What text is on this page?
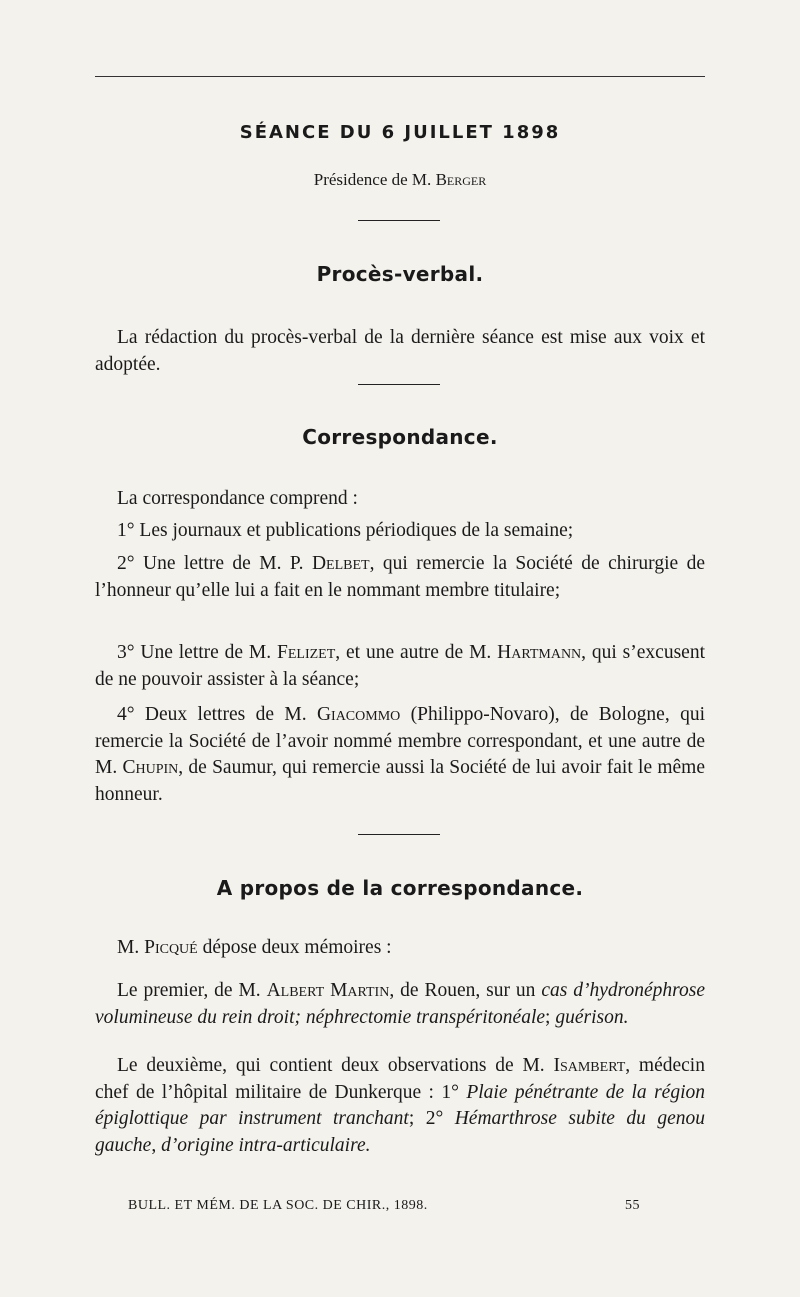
SÉANCE DU 6 JUILLET 1898
Présidence de M. Berger
Procès-verbal.
La rédaction du procès-verbal de la dernière séance est mise aux voix et adoptée.
Correspondance.
La correspondance comprend :
1° Les journaux et publications périodiques de la semaine;
2° Une lettre de M. P. Delbet, qui remercie la Société de chirurgie de l’honneur qu’elle lui a fait en le nommant membre titulaire;
3° Une lettre de M. Felizet, et une autre de M. Hartmann, qui s’excusent de ne pouvoir assister à la séance;
4° Deux lettres de M. Giacommo (Philippo-Novaro), de Bologne, qui remercie la Société de l’avoir nommé membre correspondant, et une autre de M. Chupin, de Saumur, qui remercie aussi la Société de lui avoir fait le même honneur.
A propos de la correspondance.
M. Picqué dépose deux mémoires :
Le premier, de M. Albert Martin, de Rouen, sur un cas d’hydronéphrose volumineuse du rein droit; néphrectomie transpéritonéale; guérison.
Le deuxième, qui contient deux observations de M. Isambert, médecin chef de l’hôpital militaire de Dunkerque : 1° Plaie pénétrante de la région épiglottique par instrument tranchant; 2° Hémarthrose subite du genou gauche, d’origine intra-articulaire.
BULL. ET MÉM. DE LA SOC. DE CHIR., 1898.	55
